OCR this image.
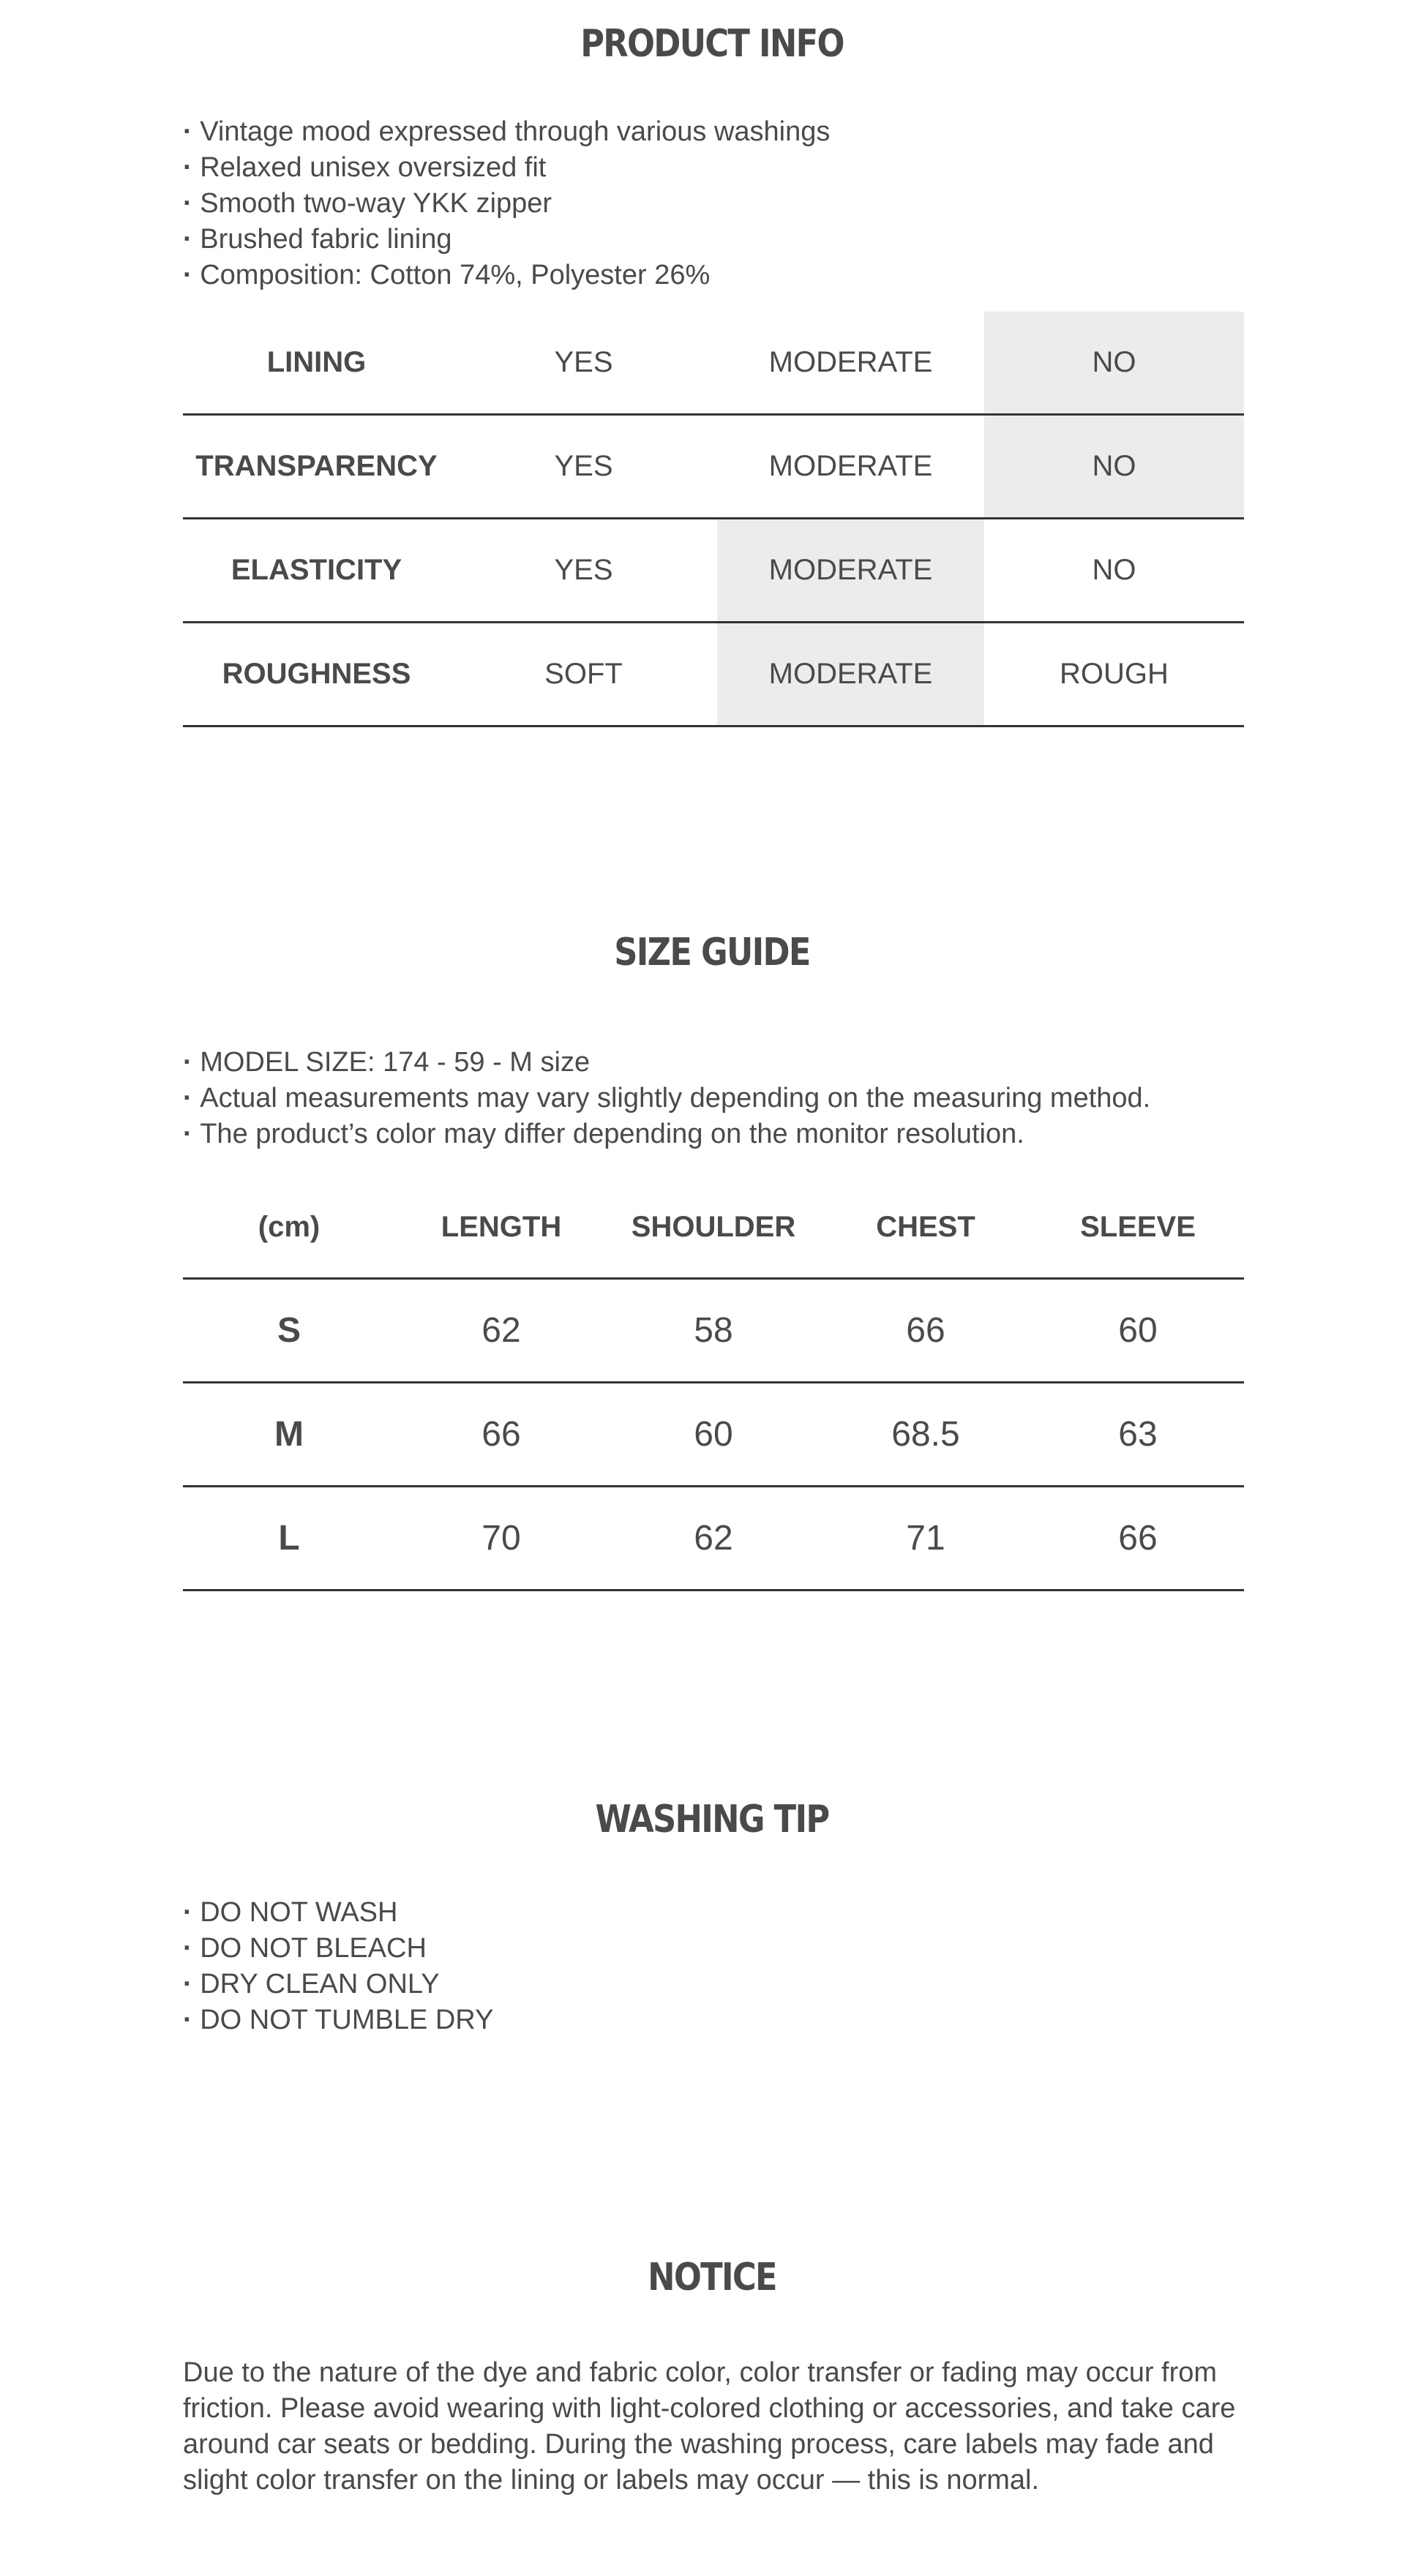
PRODUCT INFO
· Vintage mood expressed through various washings
· Relaxed unisex oversized fit
· Smooth two-way YKK zipper
· Brushed fabric lining
· Composition: Cotton 74%, Polyester 26%
LINING	YES	MODERATE	NO
TRANSPARENCY	YES	MODERATE	NO
ELASTICITY	YES	MODERATE	NO
ROUGHNESS	SOFT	MODERATE	ROUGH
SIZE GUIDE
· MODEL SIZE: 174 - 59 - M size
· Actual measurements may vary slightly depending on the measuring method.
· The product’s color may differ depending on the monitor resolution.
(cm)	LENGTH	SHOULDER	CHEST	SLEEVE
S	62	58	66	60
M	66	60	68.5	63
L	70	62	71	66
WASHING TIP
· DO NOT WASH
· DO NOT BLEACH
· DRY CLEAN ONLY
· DO NOT TUMBLE DRY
NOTICE
Due to the nature of the dye and fabric color, color transfer or fading may occur from friction. Please avoid wearing with light-colored clothing or accessories, and take care around car seats or bedding. During the washing process, care labels may fade and slight color transfer on the lining or labels may occur — this is normal.
